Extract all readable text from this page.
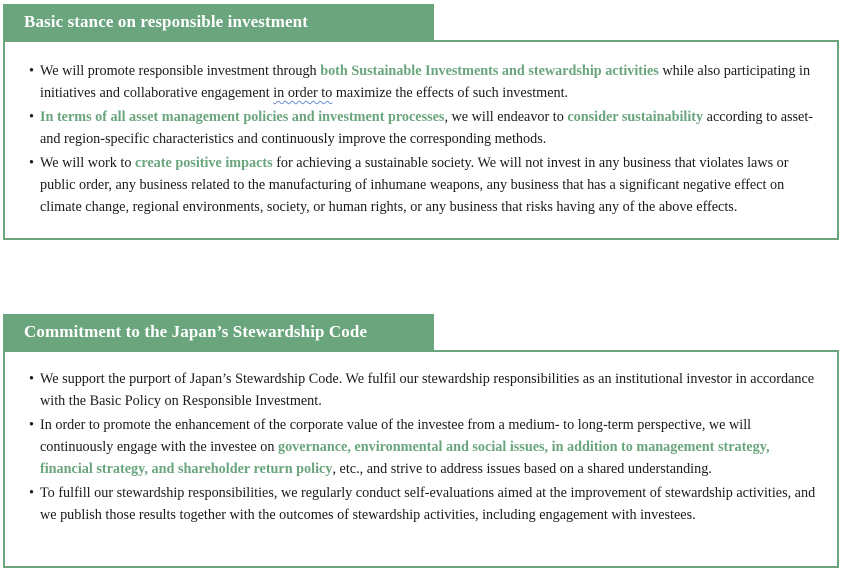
Basic stance on responsible investment
• We will promote responsible investment through both Sustainable Investments and stewardship activities while also participating in initiatives and collaborative engagement in order to maximize the effects of such investment.
• In terms of all asset management policies and investment processes, we will endeavor to consider sustainability according to asset- and region-specific characteristics and continuously improve the corresponding methods.
• We will work to create positive impacts for achieving a sustainable society. We will not invest in any business that violates laws or public order, any business related to the manufacturing of inhumane weapons, any business that has a significant negative effect on climate change, regional environments, society, or human rights, or any business that risks having any of the above effects.
Commitment to the Japan’s Stewardship Code
• We support the purport of Japan’s Stewardship Code. We fulfil our stewardship responsibilities as an institutional investor in accordance with the Basic Policy on Responsible Investment.
• In order to promote the enhancement of the corporate value of the investee from a medium- to long-term perspective, we will continuously engage with the investee on governance, environmental and social issues, in addition to management strategy, financial strategy, and shareholder return policy, etc., and strive to address issues based on a shared understanding.
• To fulfill our stewardship responsibilities, we regularly conduct self-evaluations aimed at the improvement of stewardship activities, and we publish those results together with the outcomes of stewardship activities, including engagement with investees.
